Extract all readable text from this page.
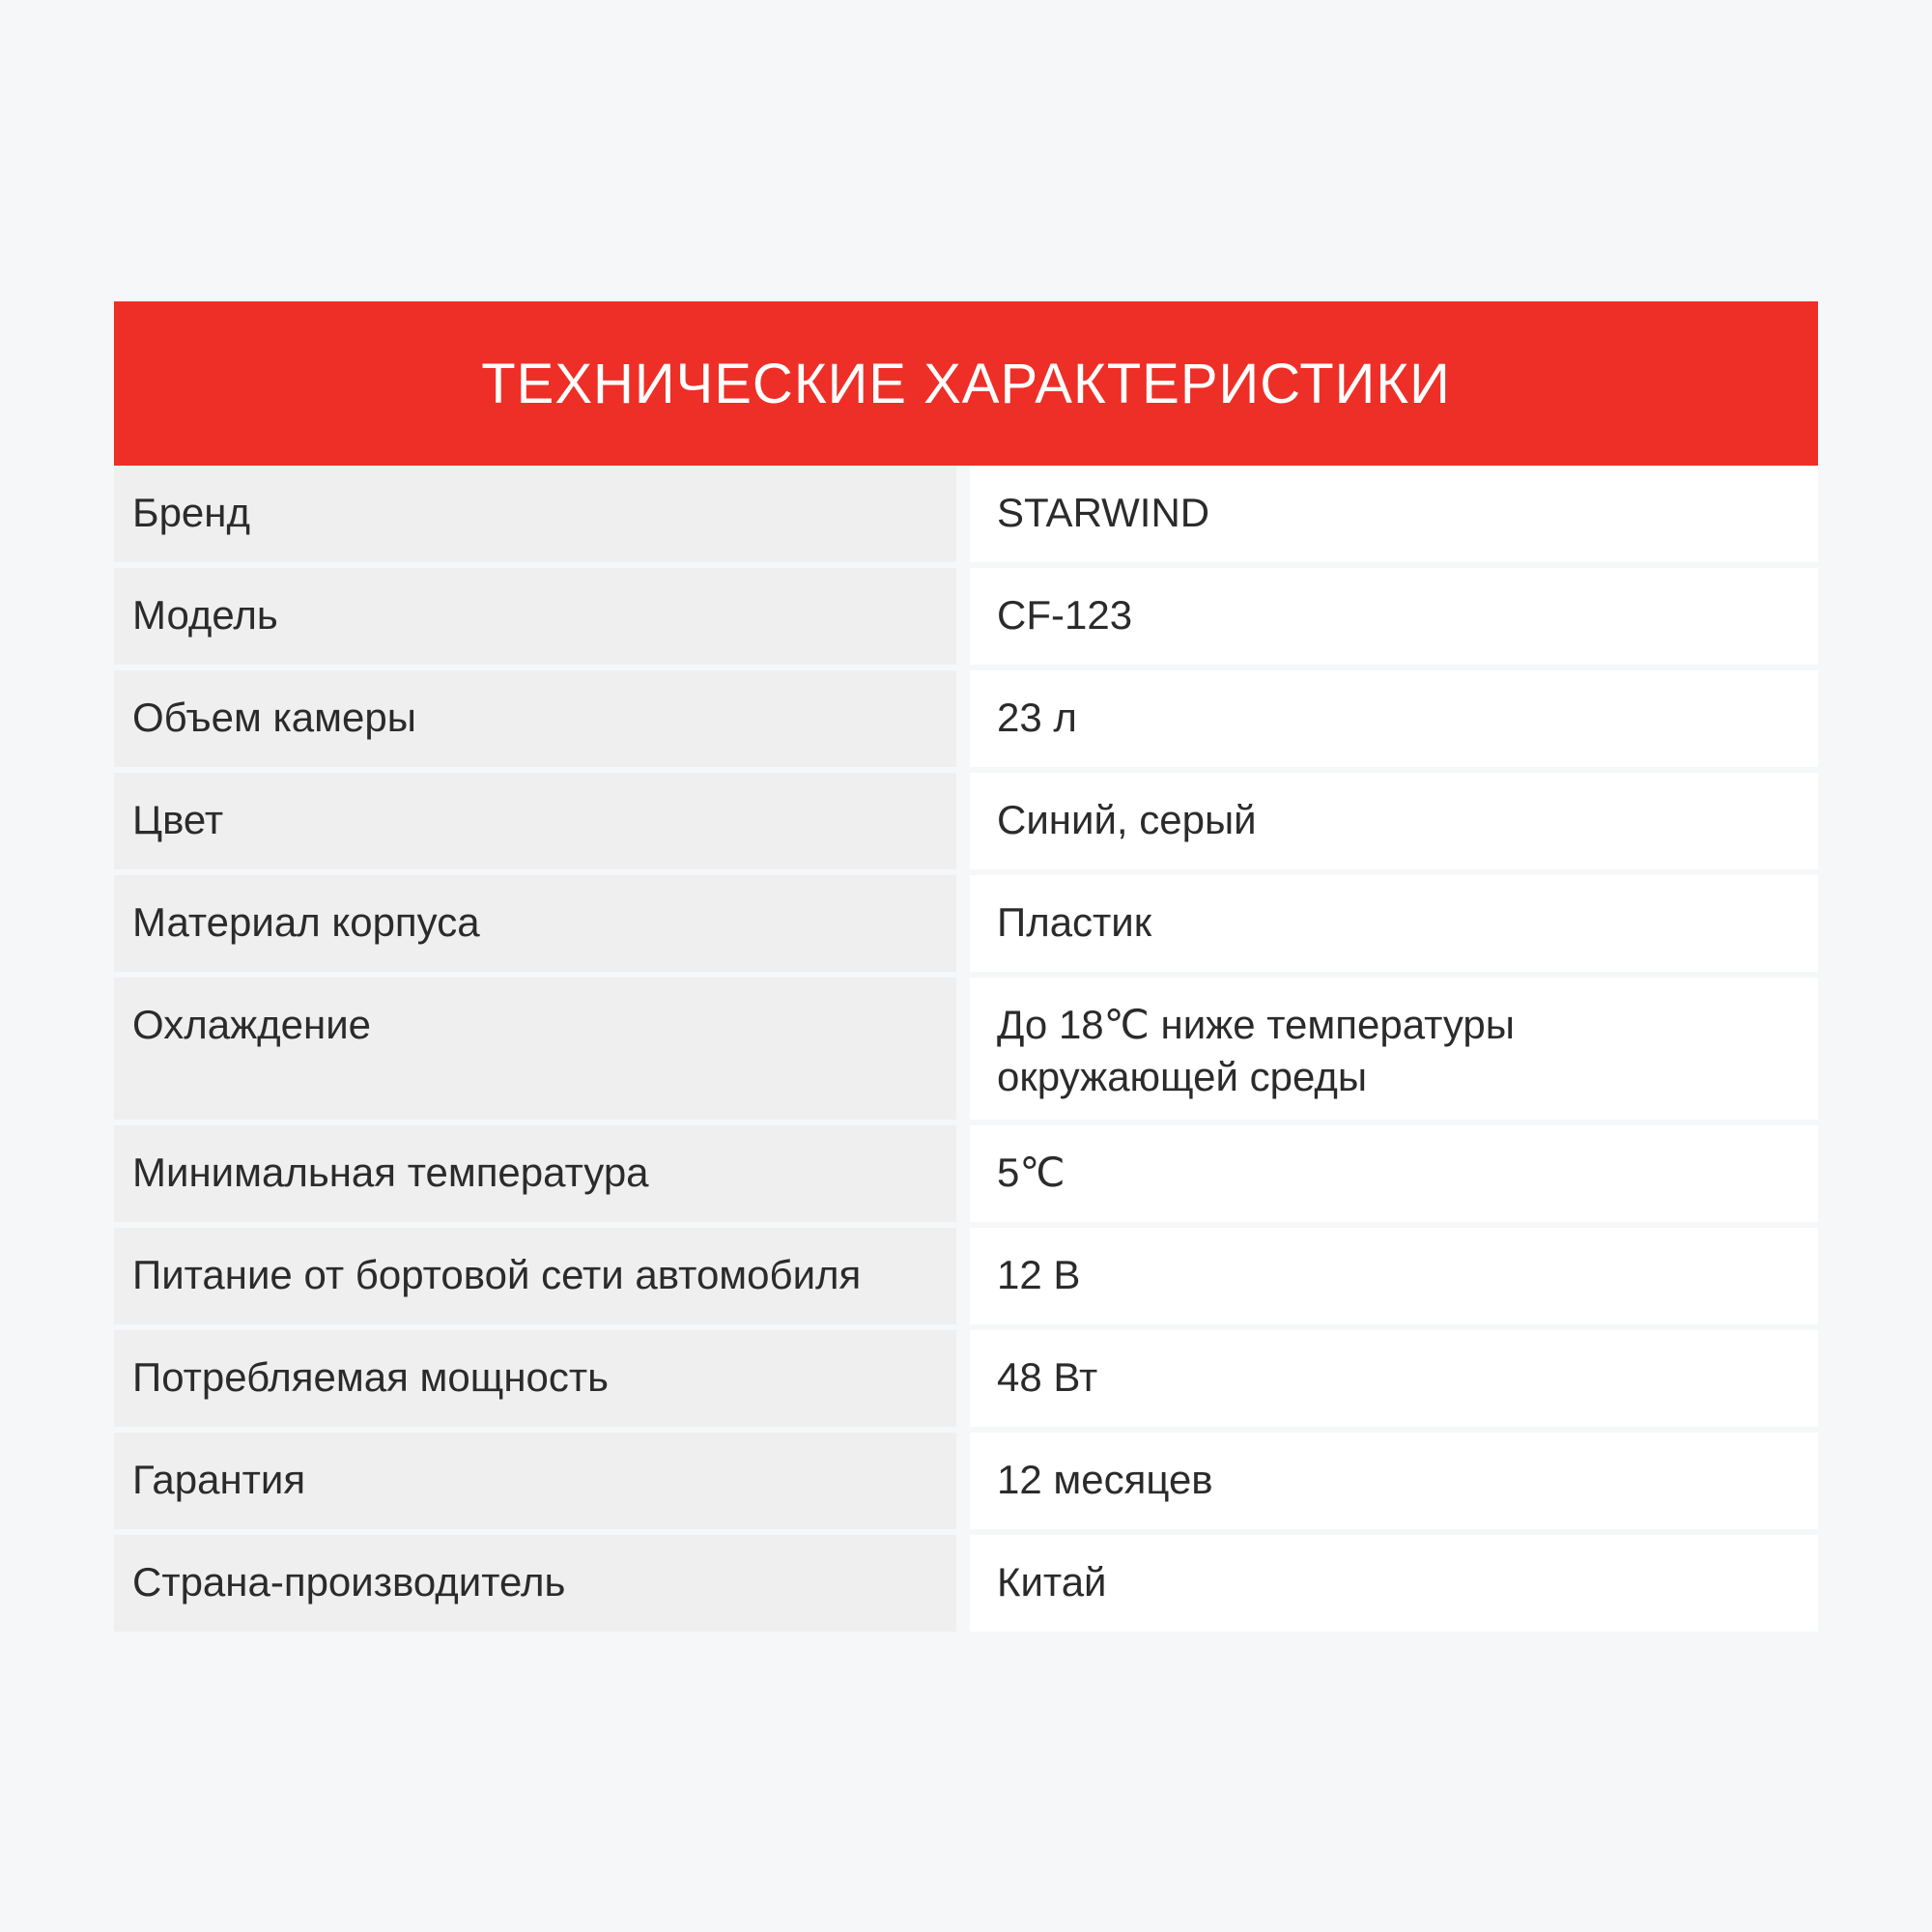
ТЕХНИЧЕСКИЕ ХАРАКТЕРИСТИКИ
Бренд	STARWIND
Модель	CF-123
Объем камеры	23 л
Цвет	Синий, серый
Материал корпуса	Пластик
Охлаждение	До 18℃ ниже температуры окружающей среды
Минимальная температура	5℃
Питание от бортовой сети автомобиля	12 В
Потребляемая мощность	48 Вт
Гарантия	12 месяцев
Страна-производитель	Китай
